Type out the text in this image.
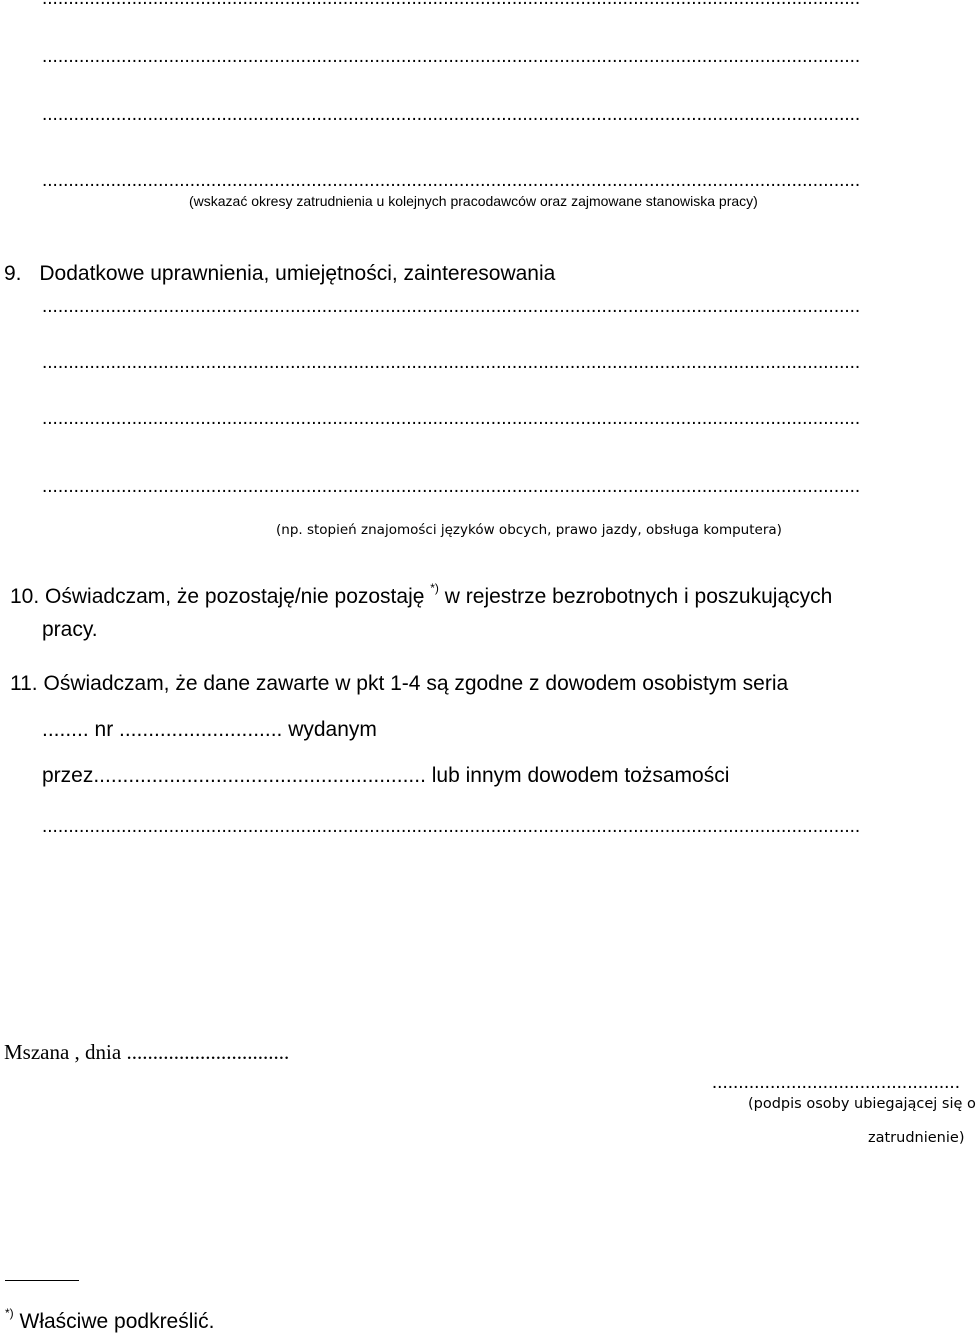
...........................................................................................................................................................
...........................................................................................................................................................
...........................................................................................................................................................
(wskazać okresy zatrudnienia u kolejnych pracodawców oraz zajmowane stanowiska pracy)
9. Dodatkowe uprawnienia, umiejętności, zainteresowania
...........................................................................................................................................................
...........................................................................................................................................................
...........................................................................................................................................................
...........................................................................................................................................................
(np. stopień znajomości języków obcych, prawo jazdy, obsługa komputera)
10. Oświadczam, że pozostaję/nie pozostaję *) w rejestrze bezrobotnych i poszukujących
pracy.
11. Oświadczam, że dane zawarte w pkt 1-4 są zgodne z dowodem osobistym seria
........ nr ............................ wydanym
przez......................................................... lub innym dowodem tożsamości
...........................................................................................................................................................
Mszana , dnia ...............................
...............................................
(podpis osoby ubiegającej się o
zatrudnienie)
*) Właściwe podkreślić.
